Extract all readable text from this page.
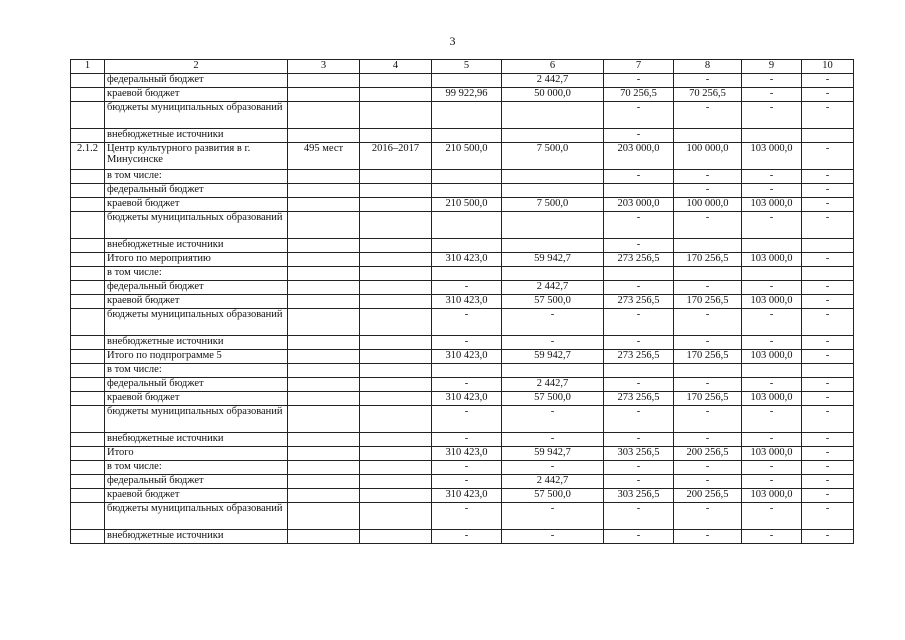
3
1	2	3	4	5	6	7	8	9	10
	федеральный бюджет				2 442,7	-	-	-	-
	краевой бюджет			99 922,96	50 000,0	70 256,5	70 256,5	-	-
	бюджеты муниципальных образований					-	-	-	-
	внебюджетные источники					-			
2.1.2	Центр культурного развития в г. Минусинске	495 мест	2016–2017	210 500,0	7 500,0	203 000,0	100 000,0	103 000,0	-
	в том числе:					-	-	-	-
	федеральный бюджет						-	-	-
	краевой бюджет			210 500,0	7 500,0	203 000,0	100 000,0	103 000,0	-
	бюджеты муниципальных образований					-	-	-	-
	внебюджетные источники					-			
	Итого по мероприятию			310 423,0	59 942,7	273 256,5	170 256,5	103 000,0	-
	в том числе:								
	федеральный бюджет			-	2 442,7	-	-	-	-
	краевой бюджет			310 423,0	57 500,0	273 256,5	170 256,5	103 000,0	-
	бюджеты муниципальных образований			-	-	-	-	-	-
	внебюджетные источники			-	-	-	-	-	-
	Итого по подпрограмме 5			310 423,0	59 942,7	273 256,5	170 256,5	103 000,0	-
	в том числе:								
	федеральный бюджет			-	2 442,7	-	-	-	-
	краевой бюджет			310 423,0	57 500,0	273 256,5	170 256,5	103 000,0	-
	бюджеты муниципальных образований			-	-	-	-	-	-
	внебюджетные источники			-	-	-	-	-	-
	Итого			310 423,0	59 942,7	303 256,5	200 256,5	103 000,0	-
	в том числе:			-	-	-	-	-	-
	федеральный бюджет			-	2 442,7	-	-	-	-
	краевой бюджет			310 423,0	57 500,0	303 256,5	200 256,5	103 000,0	-
	бюджеты муниципальных образований			-	-	-	-	-	-
	внебюджетные источники			-	-	-	-	-	-
